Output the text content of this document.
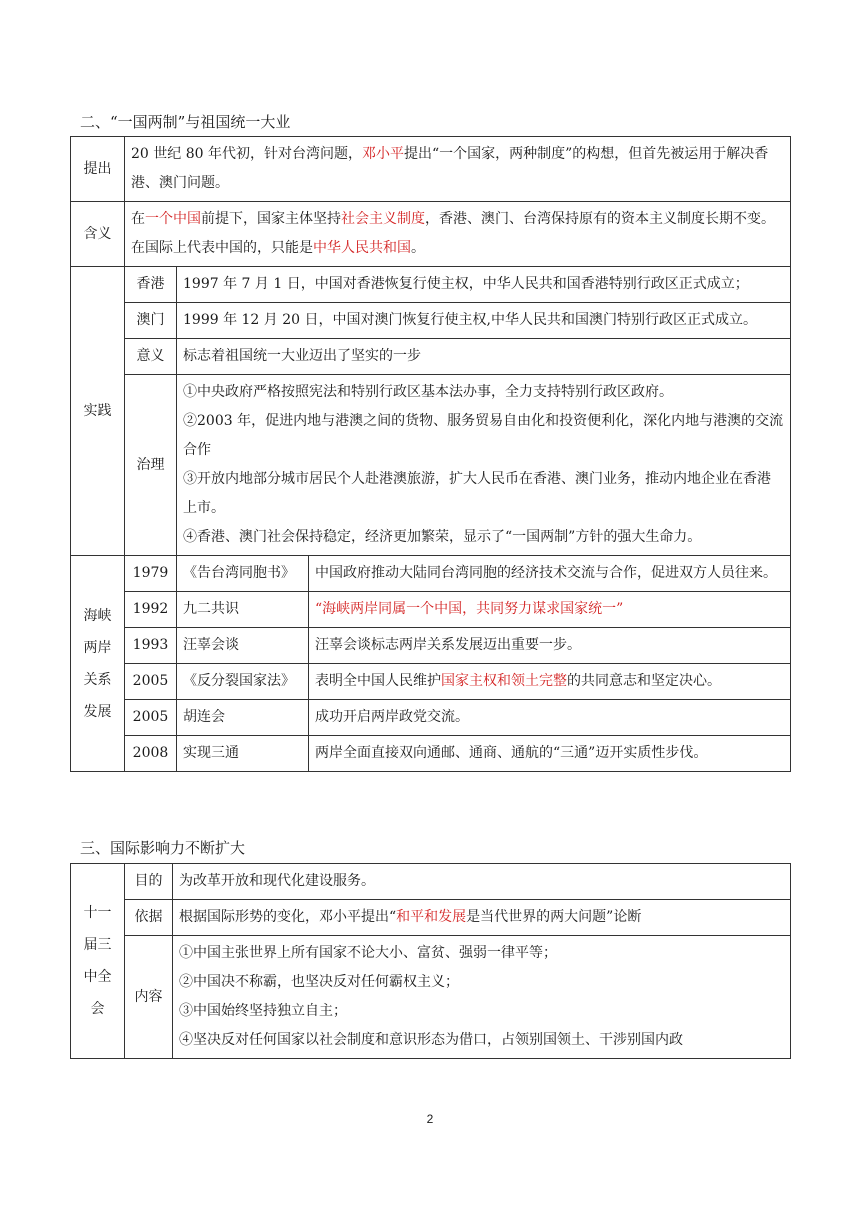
二、“一国两制”与祖国统一大业
提出	20 世纪 80 年代初，针对台湾问题，邓小平提出“一个国家，两种制度”的构想，但首先被运用于解决香港、澳门问题。		
含义	在一个中国前提下，国家主体坚持社会主义制度，香港、澳门、台湾保持原有的资本主义制度长期不变。在国际上代表中国的，只能是中华人民共和国。		
实践	香港	1997 年 7 月 1 日，中国对香港恢复行使主权，中华人民共和国香港特别行政区正式成立；	
	澳门	1999 年 12 月 20 日，中国对澳门恢复行使主权,中华人民共和国澳门特别行政区正式成立。	
	意义	标志着祖国统一大业迈出了坚实的一步	
	治理	①中央政府严格按照宪法和特别行政区基本法办事，全力支持特别行政区政府。
②2003 年，促进内地与港澳之间的货物、服务贸易自由化和投资便利化，深化内地与港澳的交流合作
③开放内地部分城市居民个人赴港澳旅游，扩大人民币在香港、澳门业务，推动内地企业在香港上市。
④香港、澳门社会保持稳定，经济更加繁荣，显示了“一国两制”方针的强大生命力。	

海峡两岸关系发展	1979	《告台湾同胞书》	中国政府推动大陆同台湾同胞的经济技术交流与合作，促进双方人员往来。
	1992	九二共识	“海峡两岸同属一个中国，共同努力谋求国家统一”
	1993	汪辜会谈	汪辜会谈标志两岸关系发展迈出重要一步。
	2005	《反分裂国家法》	表明全中国人民维护国家主权和领土完整的共同意志和坚定决心。
	2005	胡连会	成功开启两岸政党交流。
	2008	实现三通	两岸全面直接双向通邮、通商、通航的“三通”迈开实质性步伐。
三、国际影响力不断扩大
十一届三中全会	目的	为改革开放和现代化建设服务。
	依据	根据国际形势的变化，邓小平提出“和平和发展是当代世界的两大问题”论断
	内容	①中国主张世界上所有国家不论大小、富贫、强弱一律平等；
②中国决不称霸，也坚决反对任何霸权主义；
③中国始终坚持独立自主；
④坚决反对任何国家以社会制度和意识形态为借口，占领别国领土、干涉别国内政
2
